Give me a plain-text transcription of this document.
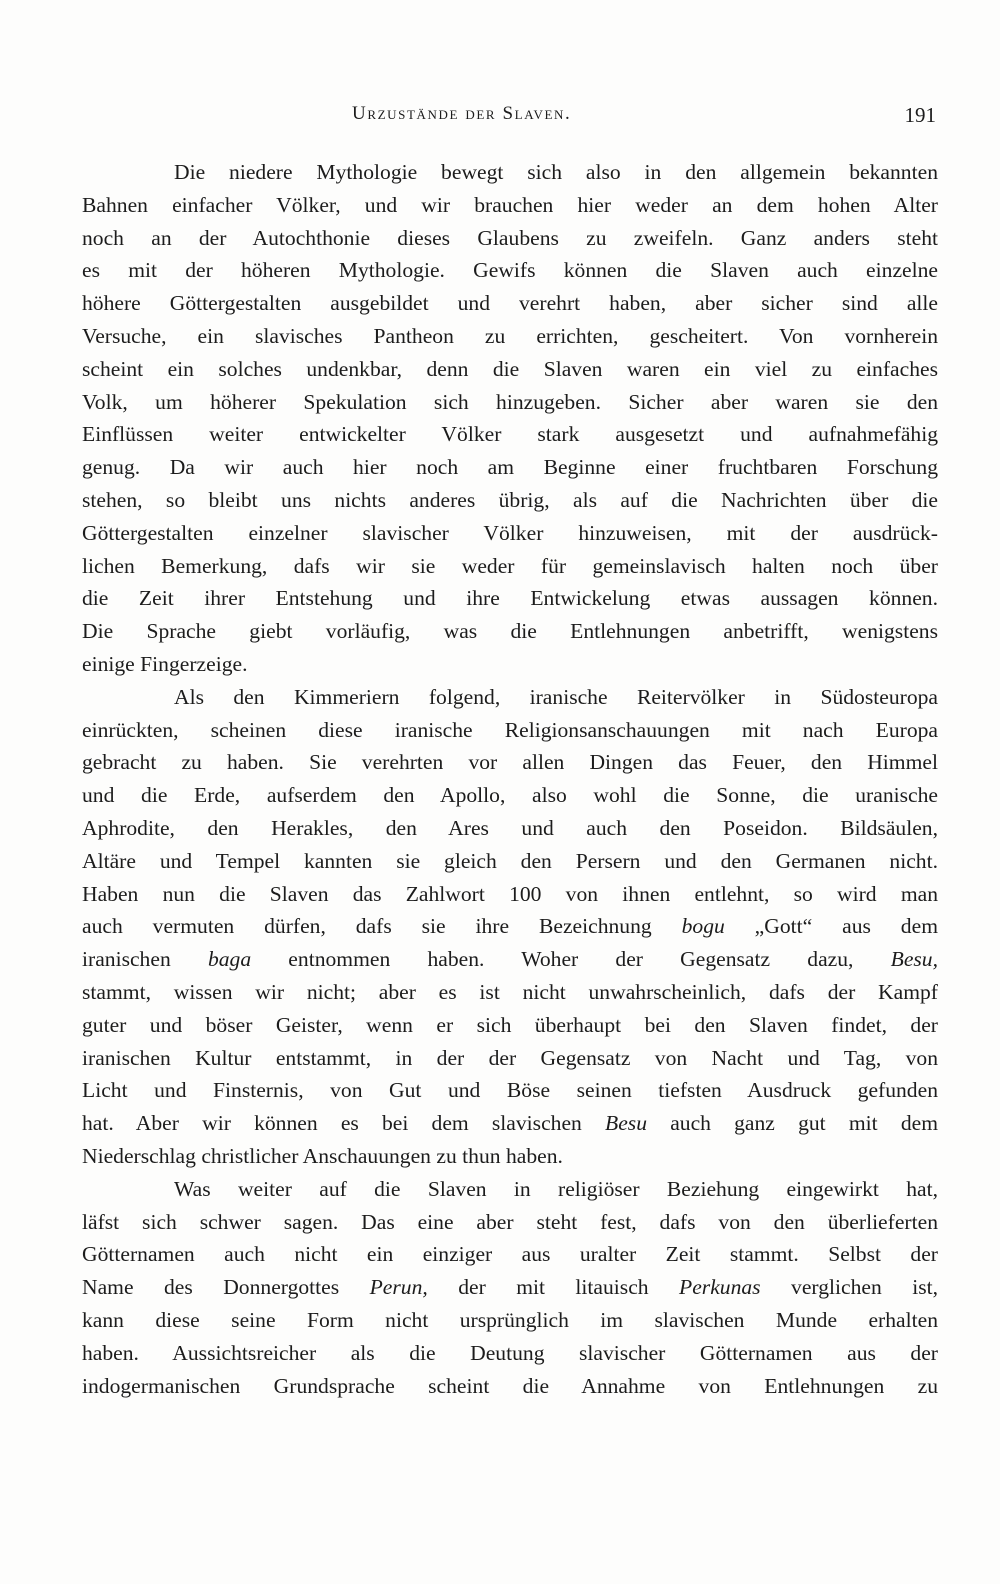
Urzustände der Slaven.	191
Die niedere Mythologie bewegt sich also in den allgemein bekannten
Bahnen einfacher Völker, und wir brauchen hier weder an dem hohen Alter
noch an der Autochthonie dieses Glaubens zu zweifeln. Ganz anders steht
es mit der höheren Mythologie. Gewifs können die Slaven auch einzelne
höhere Göttergestalten ausgebildet und verehrt haben, aber sicher sind alle
Versuche, ein slavisches Pantheon zu errichten, gescheitert. Von vornherein
scheint ein solches undenkbar, denn die Slaven waren ein viel zu einfaches
Volk, um höherer Spekulation sich hinzugeben. Sicher aber waren sie den
Einflüssen weiter entwickelter Völker stark ausgesetzt und aufnahmefähig
genug. Da wir auch hier noch am Beginne einer fruchtbaren Forschung
stehen, so bleibt uns nichts anderes übrig, als auf die Nachrichten über die
Göttergestalten einzelner slavischer Völker hinzuweisen, mit der ausdrück-
lichen Bemerkung, dafs wir sie weder für gemeinslavisch halten noch über
die Zeit ihrer Entstehung und ihre Entwickelung etwas aussagen können.
Die Sprache giebt vorläufig, was die Entlehnungen anbetrifft, wenigstens
einige Fingerzeige.
Als den Kimmeriern folgend, iranische Reitervölker in Südosteuropa
einrückten, scheinen diese iranische Religionsanschauungen mit nach Europa
gebracht zu haben. Sie verehrten vor allen Dingen das Feuer, den Himmel
und die Erde, aufserdem den Apollo, also wohl die Sonne, die uranische
Aphrodite, den Herakles, den Ares und auch den Poseidon. Bildsäulen,
Altäre und Tempel kannten sie gleich den Persern und den Germanen nicht.
Haben nun die Slaven das Zahlwort 100 von ihnen entlehnt, so wird man
auch vermuten dürfen, dafs sie ihre Bezeichnung bogu „Gott“ aus dem
iranischen baga entnommen haben. Woher der Gegensatz dazu, Besu,
stammt, wissen wir nicht; aber es ist nicht unwahrscheinlich, dafs der Kampf
guter und böser Geister, wenn er sich überhaupt bei den Slaven findet, der
iranischen Kultur entstammt, in der der Gegensatz von Nacht und Tag, von
Licht und Finsternis, von Gut und Böse seinen tiefsten Ausdruck gefunden
hat. Aber wir können es bei dem slavischen Besu auch ganz gut mit dem
Niederschlag christlicher Anschauungen zu thun haben.
Was weiter auf die Slaven in religiöser Beziehung eingewirkt hat,
läfst sich schwer sagen. Das eine aber steht fest, dafs von den überlieferten
Götternamen auch nicht ein einziger aus uralter Zeit stammt. Selbst der
Name des Donnergottes Perun, der mit litauisch Perkunas verglichen ist,
kann diese seine Form nicht ursprünglich im slavischen Munde erhalten
haben. Aussichtsreicher als die Deutung slavischer Götternamen aus der
indogermanischen Grundsprache scheint die Annahme von Entlehnungen zu
